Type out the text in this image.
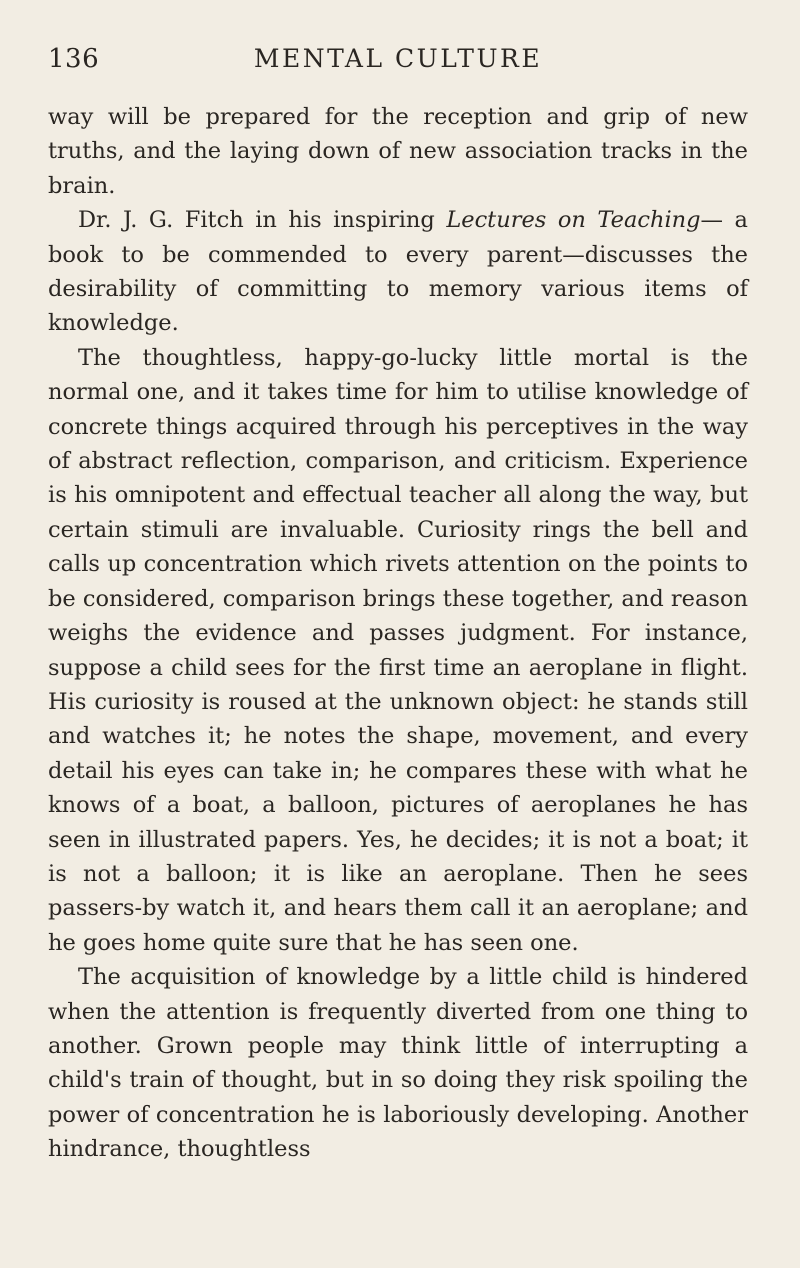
136	MENTAL CULTURE

way will be prepared for the reception and grip of new truths, and the laying down of new association tracks in the brain.

Dr. J. G. Fitch in his inspiring Lectures on Teaching— a book to be commended to every parent—discusses the desirability of committing to memory various items of knowledge.

The thoughtless, happy-go-lucky little mortal is the normal one, and it takes time for him to utilise knowledge of concrete things acquired through his perceptives in the way of abstract reflection, comparison, and criticism. Experience is his omnipotent and effectual teacher all along the way, but certain stimuli are invaluable. Curiosity rings the bell and calls up concentration which rivets attention on the points to be considered, comparison brings these together, and reason weighs the evidence and passes judgment. For instance, suppose a child sees for the first time an aeroplane in flight. His curiosity is roused at the unknown object: he stands still and watches it; he notes the shape, movement, and every detail his eyes can take in; he compares these with what he knows of a boat, a balloon, pictures of aeroplanes he has seen in illustrated papers. Yes, he decides; it is not a boat; it is not a balloon; it is like an aeroplane. Then he sees passers-by watch it, and hears them call it an aeroplane; and he goes home quite sure that he has seen one.

The acquisition of knowledge by a little child is hindered when the attention is frequently diverted from one thing to another. Grown people may think little of interrupting a child's train of thought, but in so doing they risk spoiling the power of concentration he is laboriously developing. Another hindrance, thoughtless
